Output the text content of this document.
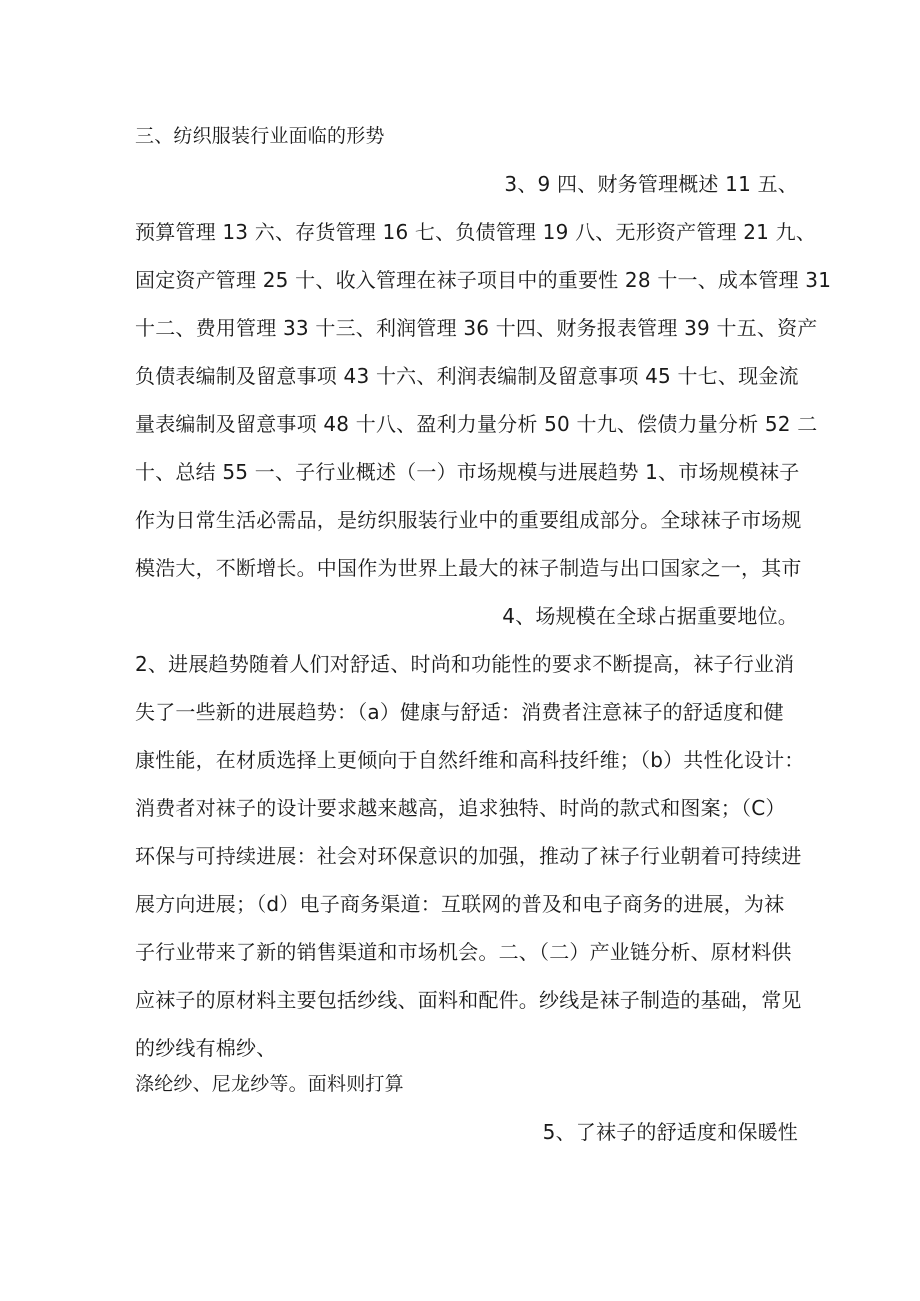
三、纺织服装行业面临的形势
3、9 四、财务管理概述 11 五、
预算管理 13 六、存货管理 16 七、负债管理 19 八、无形资产管理 21 九、
固定资产管理 25 十、收入管理在袜子项目中的重要性 28 十一、成本管理 31
十二、费用管理 33 十三、利润管理 36 十四、财务报表管理 39 十五、资产
负债表编制及留意事项 43 十六、利润表编制及留意事项 45 十七、现金流
量表编制及留意事项 48 十八、盈利力量分析 50 十九、偿债力量分析 52 二
十、总结 55 一、子行业概述（一）市场规模与进展趋势 1、市场规模袜子
作为日常生活必需品，是纺织服装行业中的重要组成部分。全球袜子市场规
模浩大，不断增长。中国作为世界上最大的袜子制造与出口国家之一，其市
4、场规模在全球占据重要地位。
2、进展趋势随着人们对舒适、时尚和功能性的要求不断提高，袜子行业消
失了一些新的进展趋势：（a）健康与舒适：消费者注意袜子的舒适度和健
康性能，在材质选择上更倾向于自然纤维和高科技纤维；（b）共性化设计：
消费者对袜子的设计要求越来越高，追求独特、时尚的款式和图案；（C）
环保与可持续进展：社会对环保意识的加强，推动了袜子行业朝着可持续进
展方向进展；（d）电子商务渠道：互联网的普及和电子商务的进展，为袜
子行业带来了新的销售渠道和市场机会。二、（二）产业链分析、原材料供
应袜子的原材料主要包括纱线、面料和配件。纱线是袜子制造的基础，常见
的纱线有棉纱、
涤纶纱、尼龙纱等。面料则打算
5、了袜子的舒适度和保暖性
